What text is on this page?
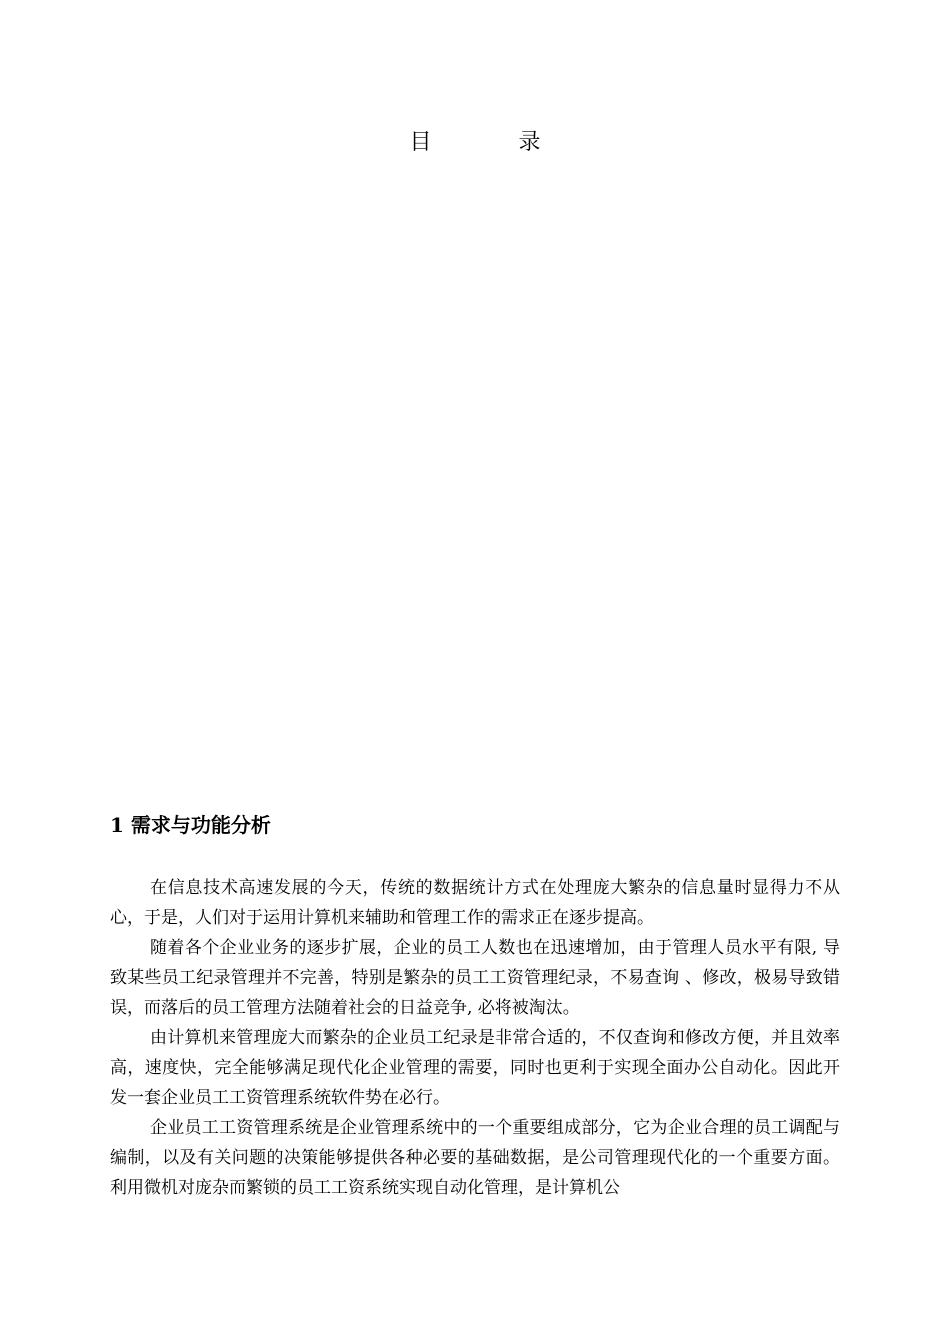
目 录
1 需求与功能分析

在信息技术高速发展的今天，传统的数据统计方式在处理庞大繁杂的信息量时显得力不从心，于是，人们对于运用计算机来辅助和管理工作的需求正在逐步提高。

随着各个企业业务的逐步扩展，企业的员工人数也在迅速增加，由于管理人员水平有限, 导致某些员工纪录管理并不完善，特别是繁杂的员工工资管理纪录，不易查询 、修改，极易导致错误，而落后的员工管理方法随着社会的日益竞争, 必将被淘汰。

由计算机来管理庞大而繁杂的企业员工纪录是非常合适的，不仅查询和修改方便，并且效率高，速度快，完全能够满足现代化企业管理的需要，同时也更利于实现全面办公自动化。因此开发一套企业员工工资管理系统软件势在必行。

企业员工工资管理系统是企业管理系统中的一个重要组成部分，它为企业合理的员工调配与编制，以及有关问题的决策能够提供各种必要的基础数据，是公司管理现代化的一个重要方面。利用微机对庞杂而繁锁的员工工资系统实现自动化管理，是计算机公
